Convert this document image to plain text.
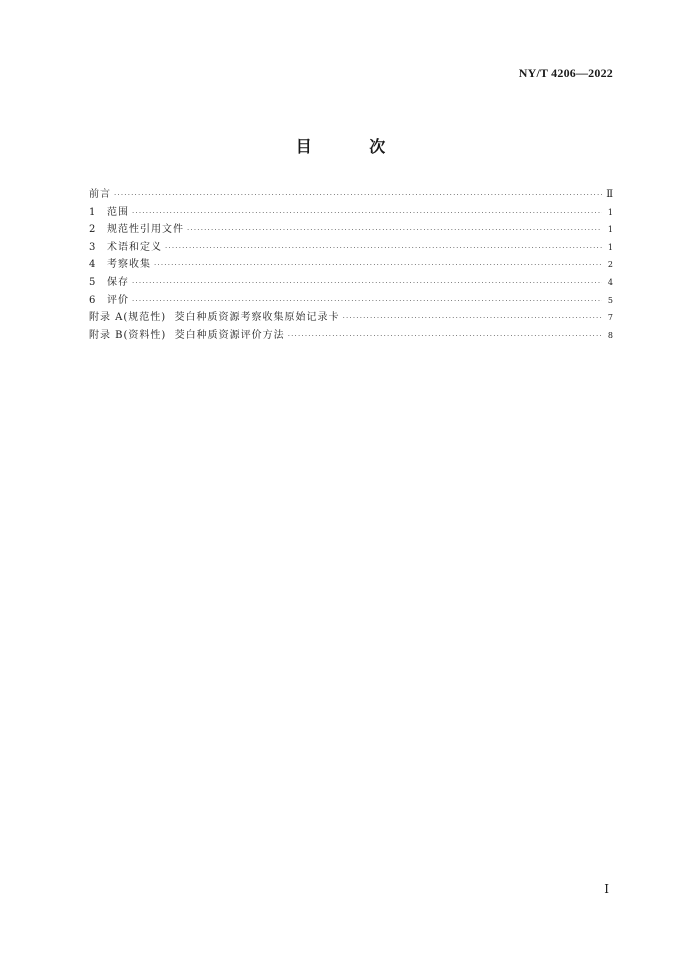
NY/T 4206—2022
目 次
前言 ·····	Ⅱ
1 范围 ·····	1
2 规范性引用文件 ·····	1
3 术语和定义 ·····	1
4 考察收集 ·····	2
5 保存 ·····	4
6 评价 ·····	5
附录 A(规范性)  茭白种质资源考察收集原始记录卡 ·····	7
附录 B(资料性)  茭白种质资源评价方法 ·····	8
Ⅰ
